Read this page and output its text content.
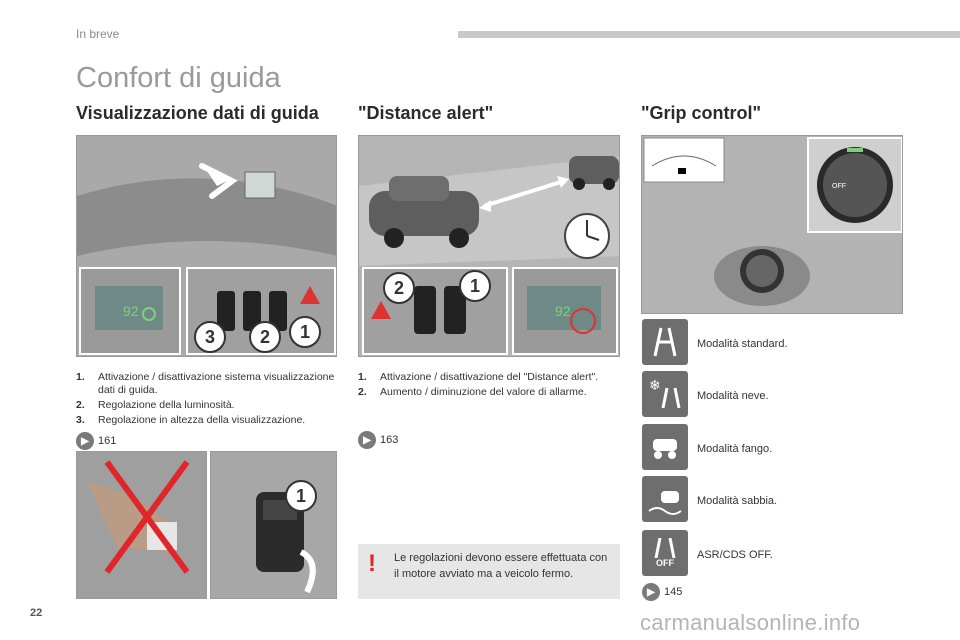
In breve
Confort di guida
Visualizzazione dati di guida "Distance alert"	"Grip control"
92
3	2	1
92
2	1
OFF
1.	Attivazione / disattivazione sistema visualizzazione dati di guida.
2.	Regolazione della luminosità.
3.	Regolazione in altezza della visualizzazione.
▶ 161
1.	Attivazione / disattivazione del "Distance alert".
2.	Aumento / diminuzione del valore di allarme.
▶ 163
1
! Le regolazioni devono essere effettuata con il motore avviato ma a veicolo fermo.
Modalità standard.
❄
Modalità neve.
Modalità fango.
Modalità sabbia.
OFF
ASR/CDS OFF.
▶ 145
22	carmanualsonline.info
